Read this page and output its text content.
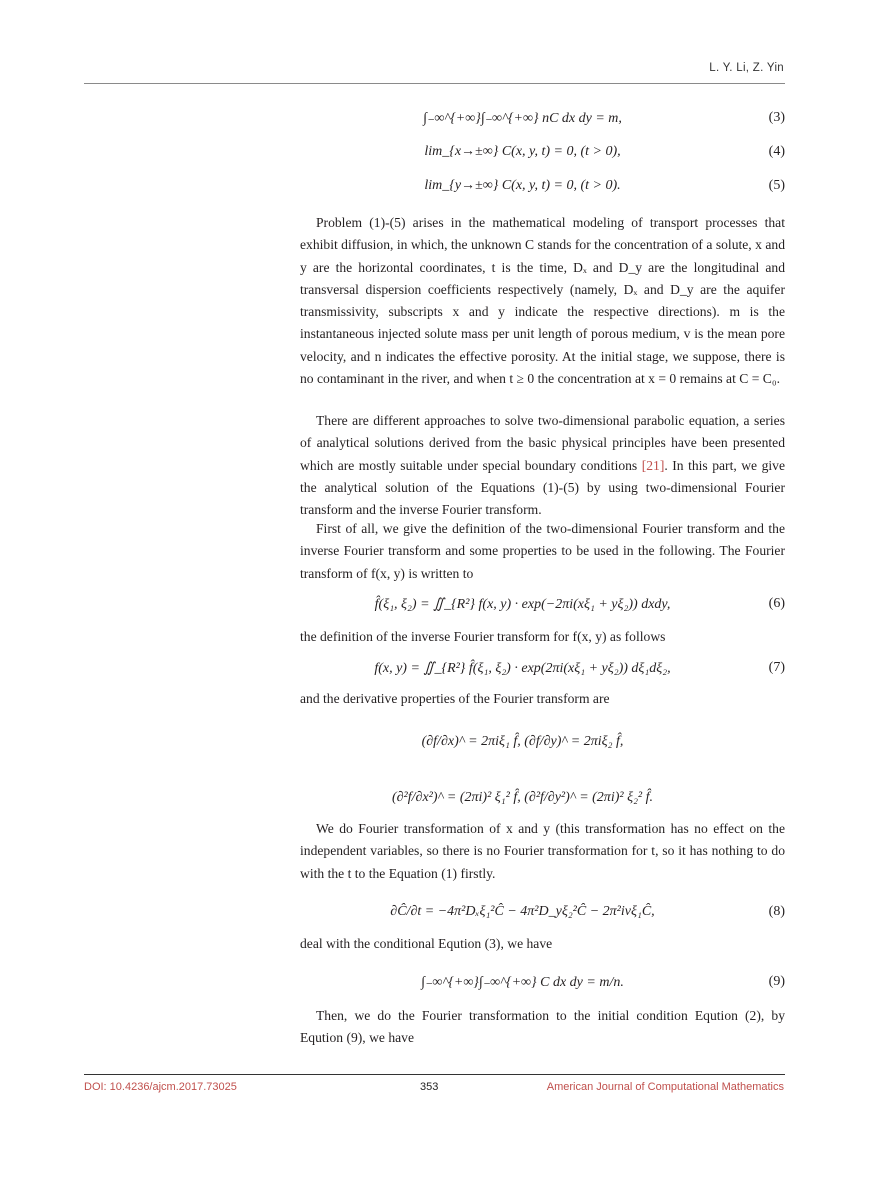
L. Y. Li, Z. Yin
∫₋∞^{+∞}∫₋∞^{+∞} nC dx dy = m,	(3)
lim_{x→±∞} C(x, y, t) = 0, (t > 0),	(4)
lim_{y→±∞} C(x, y, t) = 0, (t > 0).	(5)
Problem (1)-(5) arises in the mathematical modeling of transport processes that exhibit diffusion, in which, the unknown C stands for the concentration of a solute, x and y are the horizontal coordinates, t is the time, Dₓ and D_y are the longitudinal and transversal dispersion coefficients respectively (namely, Dₓ and D_y are the aquifer transmissivity, subscripts x and y indicate the respective directions). m is the instantaneous injected solute mass per unit length of porous medium, v is the mean pore velocity, and n indicates the effective porosity. At the initial stage, we suppose, there is no contaminant in the river, and when t ≥ 0 the concentration at x = 0 remains at C = C₀.
There are different approaches to solve two-dimensional parabolic equation, a series of analytical solutions derived from the basic physical principles have been presented which are mostly suitable under special boundary conditions [21]. In this part, we give the analytical solution of the Equations (1)-(5) by using two-dimensional Fourier transform and the inverse Fourier transform.
First of all, we give the definition of the two-dimensional Fourier transform and the inverse Fourier transform and some properties to be used in the following. The Fourier transform of f(x, y) is written to
f̂(ξ₁, ξ₂) = ∬_{R²} f(x, y) · exp(−2πi(xξ₁ + yξ₂)) dxdy,	(6)
the definition of the inverse Fourier transform for f(x, y) as follows
f(x, y) = ∬_{R²} f̂(ξ₁, ξ₂) · exp(2πi(xξ₁ + yξ₂)) dξ₁dξ₂,	(7)
and the derivative properties of the Fourier transform are
(∂f/∂x)^ = 2πiξ₁ f̂, (∂f/∂y)^ = 2πiξ₂ f̂,
(∂²f/∂x²)^ = (2πi)² ξ₁² f̂, (∂²f/∂y²)^ = (2πi)² ξ₂² f̂.
We do Fourier transformation of x and y (this transformation has no effect on the independent variables, so there is no Fourier transformation for t, so it has nothing to do with the t to the Equation (1) firstly.
∂Ĉ/∂t = −4π²Dₓξ₁²Ĉ − 4π²D_yξ₂²Ĉ − 2π²ivξ₁Ĉ,	(8)
deal with the conditional Eqution (3), we have
∫₋∞^{+∞}∫₋∞^{+∞} C dx dy = m/n.	(9)
Then, we do the Fourier transformation to the initial condition Eqution (2), by Eqution (9), we have
DOI: 10.4236/ajcm.2017.73025	353	American Journal of Computational Mathematics
